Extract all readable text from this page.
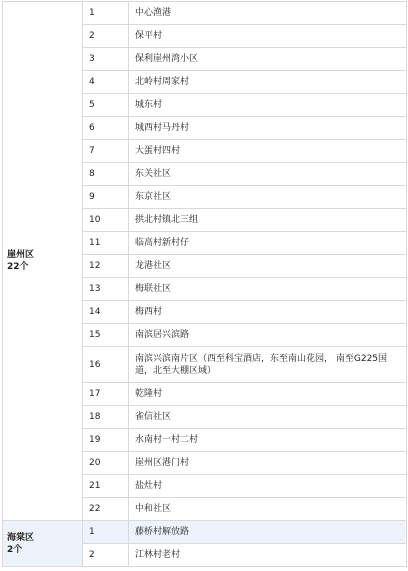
崖州区
22个	1	中心渔港
	2	保平村
	3	保利崖州湾小区
	4	北岭村周家村
	5	城东村
	6	城西村马丹村
	7	大蛋村四村
	8	东关社区
	9	东京社区
	10	拱北村镇北三组
	11	临高村新村仔
	12	龙港社区
	13	梅联社区
	14	梅西村
	15	南滨居兴滨路
	16	南滨兴滨南片区（西至科宝酒店，东至南山花园， 南至G225国道，北至大棚区域）
	17	乾隆村
	18	雀信社区
	19	水南村一村二村
	20	崖州区港门村
	21	盐灶村
	22	中和社区

海棠区
2个	1	藤桥村解放路
	2	江林村老村
